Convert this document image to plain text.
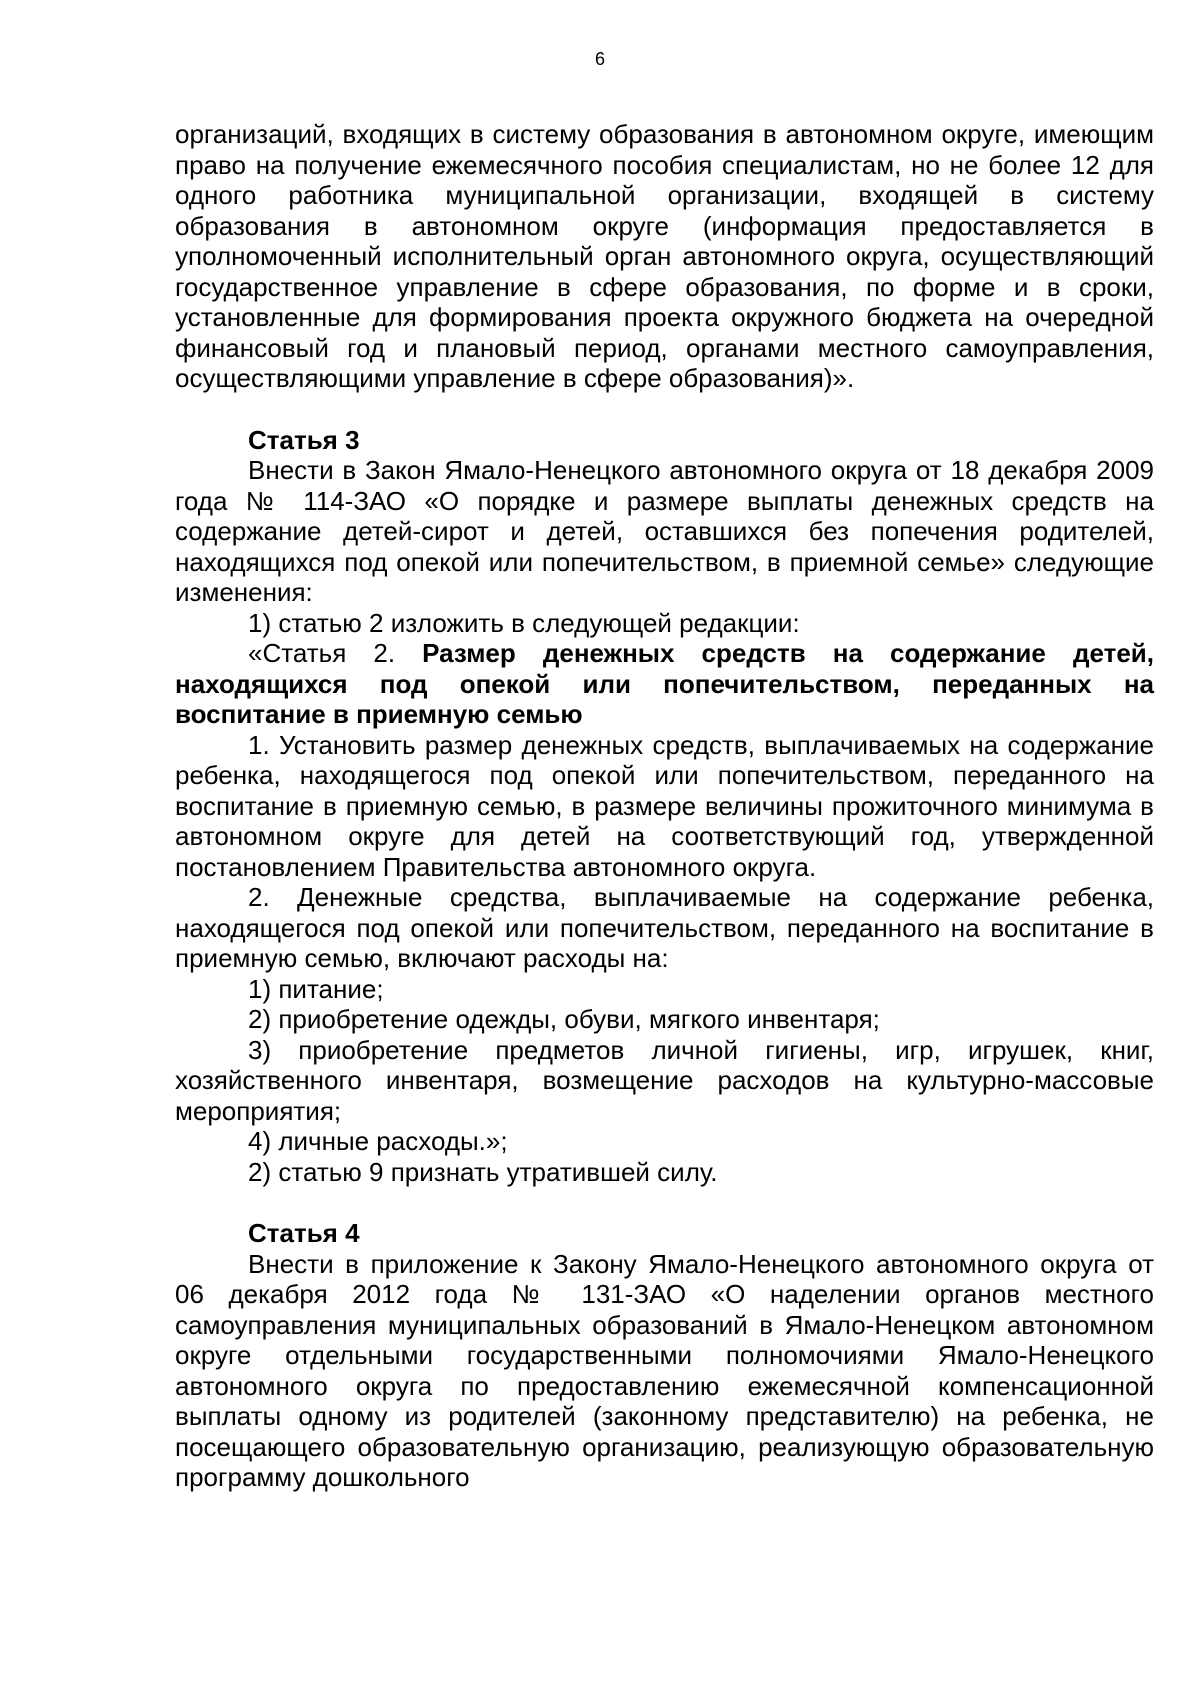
6

организаций, входящих в систему образования в автономном округе, имеющим право на получение ежемесячного пособия специалистам, но не более 12 для одного работника муниципальной организации, входящей в систему образования в автономном округе (информация предоставляется в уполномоченный исполнительный орган автономного округа, осуществляющий государственное управление в сфере образования, по форме и в сроки, установленные для формирования проекта окружного бюджета на очередной финансовый год и плановый период, органами местного самоуправления, осуществляющими управление в сфере образования)».

Статья 3

Внести в Закон Ямало-Ненецкого автономного округа от 18 декабря 2009 года № 114-ЗАО «О порядке и размере выплаты денежных средств на содержание детей-сирот и детей, оставшихся без попечения родителей, находящихся под опекой или попечительством, в приемной семье» следующие изменения:

1) статью 2 изложить в следующей редакции:

«Статья 2. Размер денежных средств на содержание детей, находящихся под опекой или попечительством, переданных на воспитание в приемную семью

1. Установить размер денежных средств, выплачиваемых на содержание ребенка, находящегося под опекой или попечительством, переданного на воспитание в приемную семью, в размере величины прожиточного минимума в автономном округе для детей на соответствующий год, утвержденной постановлением Правительства автономного округа.

2. Денежные средства, выплачиваемые на содержание ребенка, находящегося под опекой или попечительством, переданного на воспитание в приемную семью, включают расходы на:

1) питание;

2) приобретение одежды, обуви, мягкого инвентаря;

3) приобретение предметов личной гигиены, игр, игрушек, книг, хозяйственного инвентаря, возмещение расходов на культурно-массовые мероприятия;

4) личные расходы.»;

2) статью 9 признать утратившей силу.

Статья 4

Внести в приложение к Закону Ямало-Ненецкого автономного округа от 06 декабря 2012 года № 131-ЗАО «О наделении органов местного самоуправления муниципальных образований в Ямало-Ненецком автономном округе отдельными государственными полномочиями Ямало-Ненецкого автономного округа по предоставлению ежемесячной компенсационной выплаты одному из родителей (законному представителю) на ребенка, не посещающего образовательную организацию, реализующую образовательную программу дошкольного
